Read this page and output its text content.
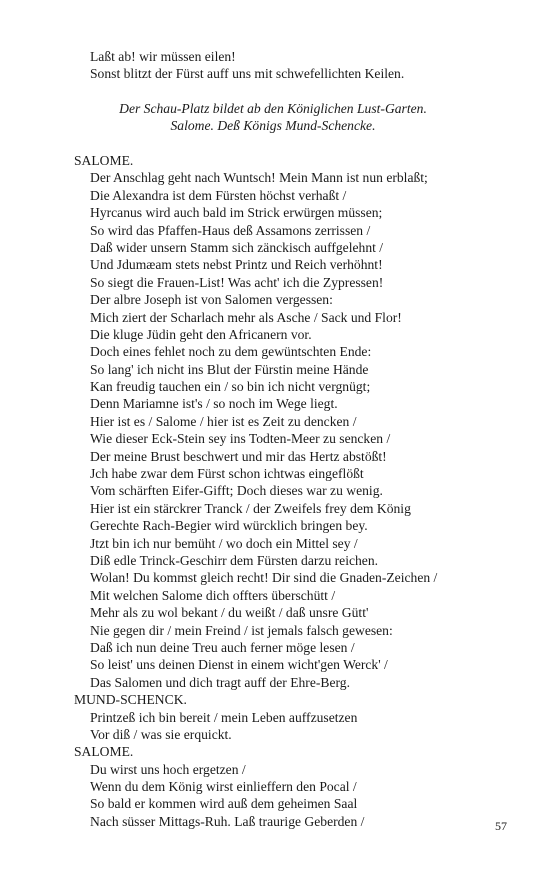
Laßt ab! wir müssen eilen!
Sonst blitzt der Fürst auff uns mit schwefellichten Keilen.
Der Schau-Platz bildet ab den Königlichen Lust-Garten.
Salome. Deß Königs Mund-Schencke.
SALOME.
Der Anschlag geht nach Wuntsch! Mein Mann ist nun erblaßt;
Die Alexandra ist dem Fürsten höchst verhaßt /
Hyrcanus wird auch bald im Strick erwürgen müssen;
So wird das Pfaffen-Haus deß Assamons zerrissen /
Daß wider unsern Stamm sich zänckisch auffgelehnt /
Und Jdumæam stets nebst Printz und Reich verhöhnt!
So siegt die Frauen-List! Was acht' ich die Zypressen!
Der albre Joseph ist von Salomen vergessen:
Mich ziert der Scharlach mehr als Asche / Sack und Flor!
Die kluge Jüdin geht den Africanern vor.
Doch eines fehlet noch zu dem gewüntschten Ende:
So lang' ich nicht ins Blut der Fürstin meine Hände
Kan freudig tauchen ein / so bin ich nicht vergnügt;
Denn Mariamne ist's / so noch im Wege liegt.
Hier ist es / Salome / hier ist es Zeit zu dencken /
Wie dieser Eck-Stein sey ins Todten-Meer zu sencken /
Der meine Brust beschwert und mir das Hertz abstößt!
Jch habe zwar dem Fürst schon ichtwas eingeflößt
Vom schärften Eifer-Gifft; Doch dieses war zu wenig.
Hier ist ein stärckrer Tranck / der Zweifels frey dem König
Gerechte Rach-Begier wird würcklich bringen bey.
Jtzt bin ich nur bemüht / wo doch ein Mittel sey /
Diß edle Trinck-Geschirr dem Fürsten darzu reichen.
Wolan! Du kommst gleich recht! Dir sind die Gnaden-Zeichen /
Mit welchen Salome dich offters überschütt /
Mehr als zu wol bekant / du weißt / daß unsre Gütt'
Nie gegen dir / mein Freind / ist jemals falsch gewesen:
Daß ich nun deine Treu auch ferner möge lesen /
So leist' uns deinen Dienst in einem wicht'gen Werck' /
Das Salomen und dich tragt auff der Ehre-Berg.
MUND-SCHENCK.
Printzeß ich bin bereit / mein Leben auffzusetzen
Vor diß / was sie erquickt.
SALOME.
Du wirst uns hoch ergetzen /
Wenn du dem König wirst einlieffern den Pocal /
So bald er kommen wird auß dem geheimen Saal
Nach süsser Mittags-Ruh. Laß traurige Geberden /	57
